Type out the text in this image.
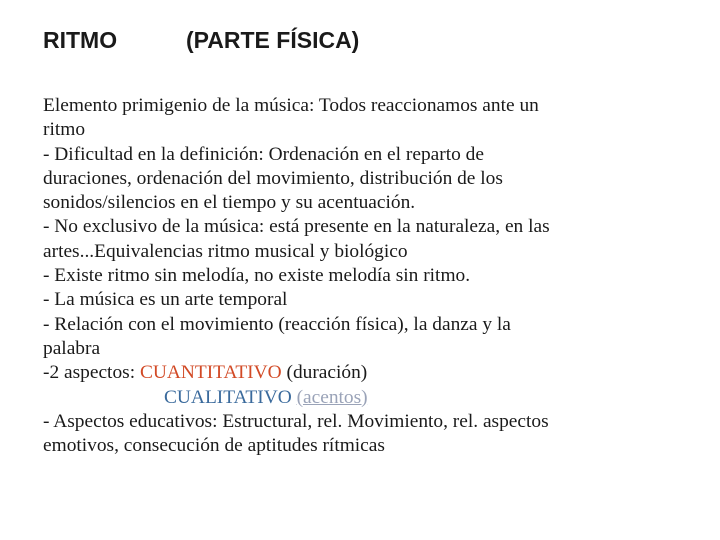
RITMO	(PARTE FÍSICA)
Elemento primigenio de la música: Todos reaccionamos ante un
ritmo
- Dificultad en la definición: Ordenación en el reparto de
duraciones, ordenación del movimiento, distribución de los
sonidos/silencios en el tiempo y su acentuación.
- No exclusivo de la música: está presente en la naturaleza, en las
artes...Equivalencias ritmo musical y biológico
- Existe ritmo sin melodía, no existe melodía sin ritmo.
- La música es un arte temporal
- Relación con el movimiento (reacción física), la danza y la
palabra
-2 aspectos: CUANTITATIVO (duración)
CUALITATIVO (acentos)
- Aspectos educativos: Estructural, rel. Movimiento, rel. aspectos
emotivos, consecución de aptitudes rítmicas
